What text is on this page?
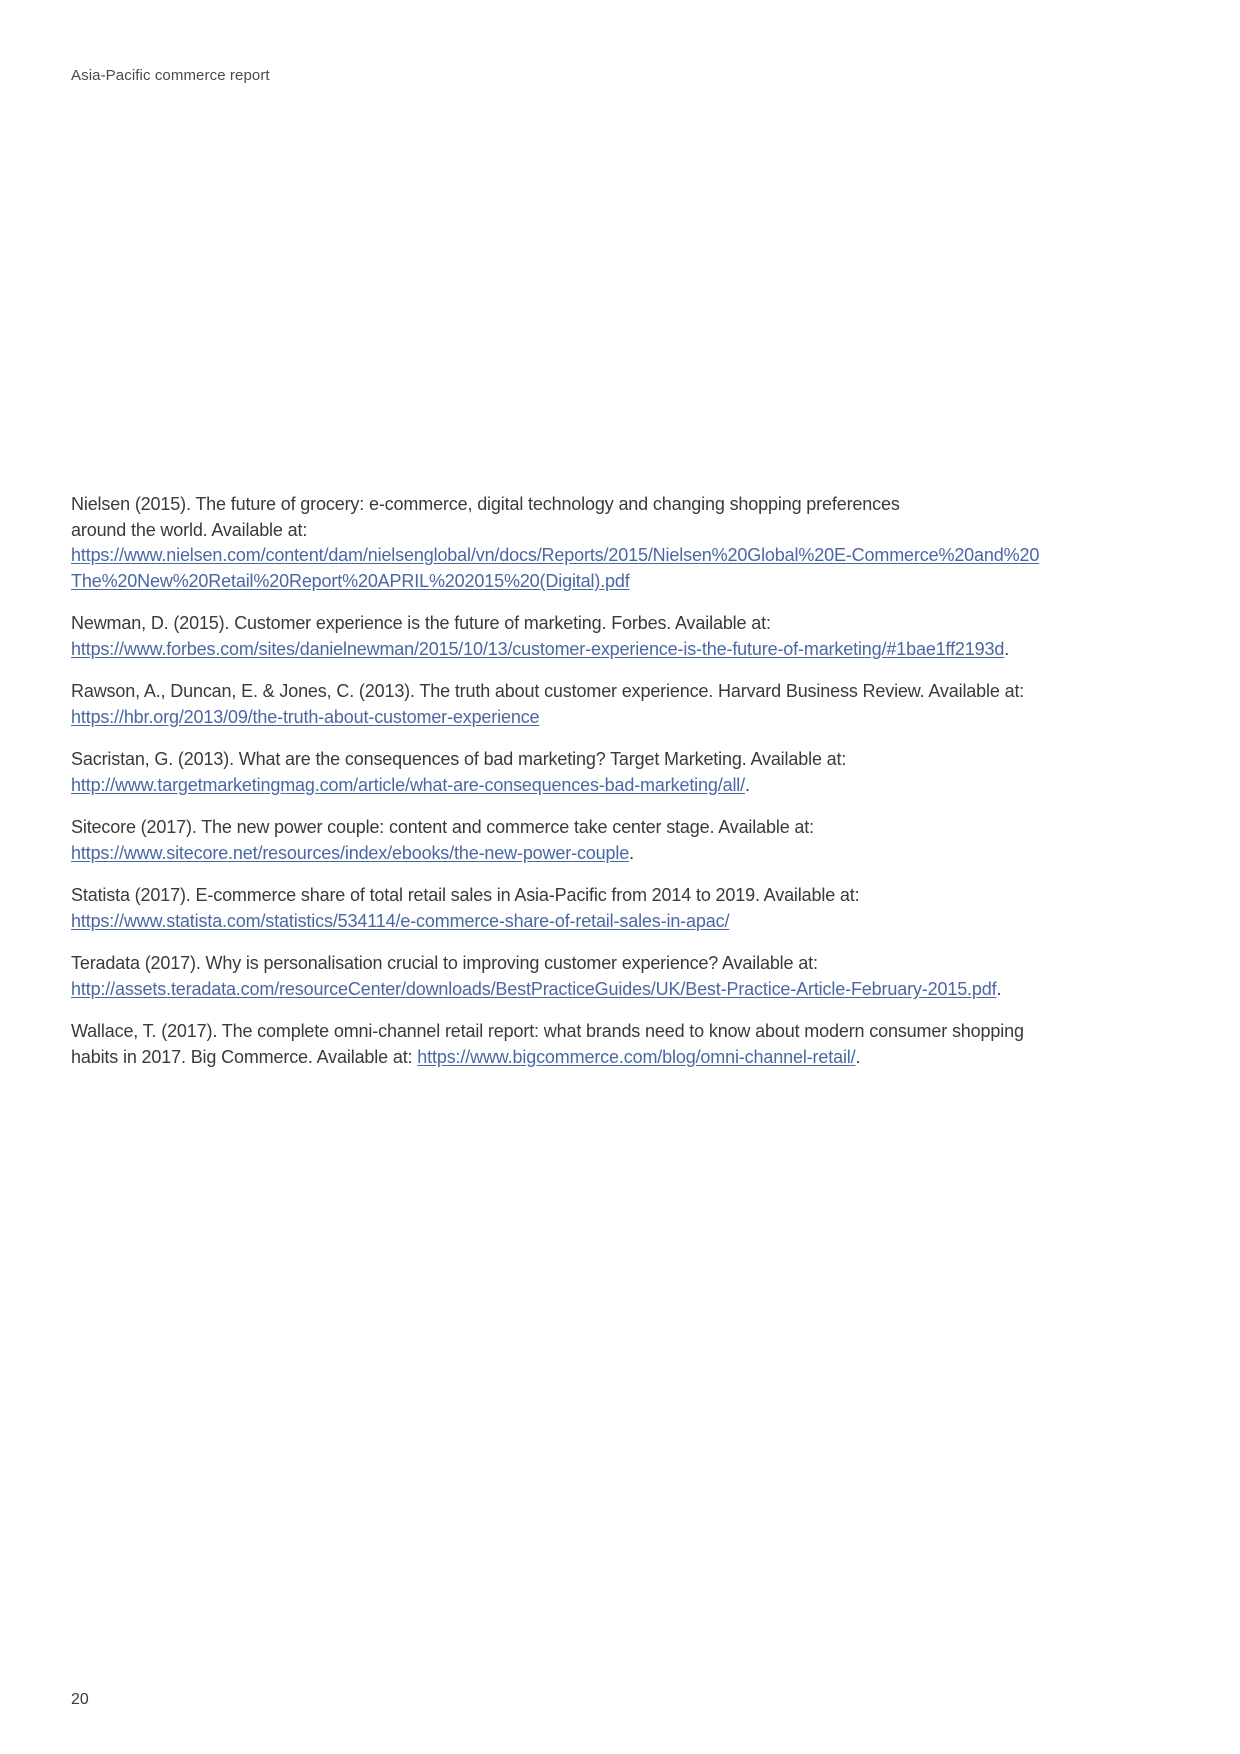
Asia-Pacific commerce report

Nielsen (2015). The future of grocery: e-commerce, digital technology and changing shopping preferences
around the world. Available at:
https://www.nielsen.com/content/dam/nielsenglobal/vn/docs/Reports/2015/Nielsen%20Global%20E-Commerce%20and%20
The%20New%20Retail%20Report%20APRIL%202015%20(Digital).pdf

Newman, D. (2015). Customer experience is the future of marketing. Forbes. Available at:
https://www.forbes.com/sites/danielnewman/2015/10/13/customer-experience-is-the-future-of-marketing/#1bae1ff2193d.

Rawson, A., Duncan, E. & Jones, C. (2013). The truth about customer experience. Harvard Business Review. Available at:
https://hbr.org/2013/09/the-truth-about-customer-experience

Sacristan, G. (2013). What are the consequences of bad marketing? Target Marketing. Available at:
http://www.targetmarketingmag.com/article/what-are-consequences-bad-marketing/all/.

Sitecore (2017). The new power couple: content and commerce take center stage. Available at:
https://www.sitecore.net/resources/index/ebooks/the-new-power-couple.

Statista (2017). E-commerce share of total retail sales in Asia-Pacific from 2014 to 2019. Available at:
https://www.statista.com/statistics/534114/e-commerce-share-of-retail-sales-in-apac/

Teradata (2017). Why is personalisation crucial to improving customer experience? Available at:
http://assets.teradata.com/resourceCenter/downloads/BestPracticeGuides/UK/Best-Practice-Article-February-2015.pdf.

Wallace, T. (2017). The complete omni-channel retail report: what brands need to know about modern consumer shopping
habits in 2017. Big Commerce. Available at: https://www.bigcommerce.com/blog/omni-channel-retail/.

20
